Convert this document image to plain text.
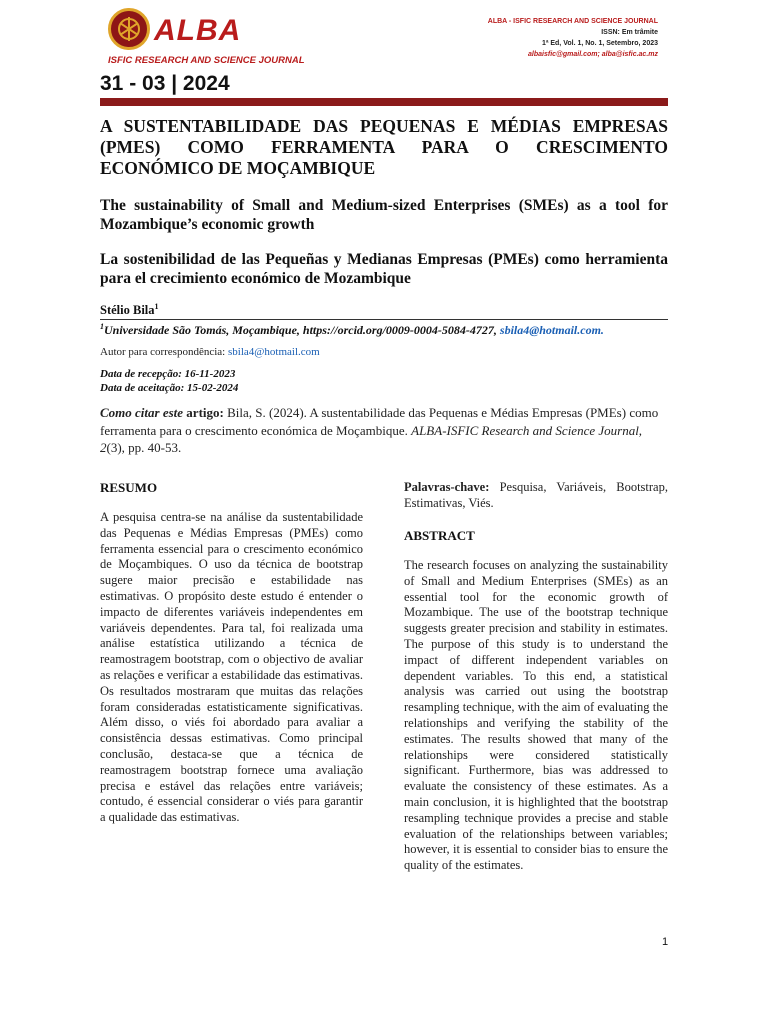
ALBA
ISFIC RESEARCH AND SCIENCE JOURNAL
ALBA - ISFIC RESEARCH AND SCIENCE JOURNAL
ISSN: Em trâmite
1ª Ed, Vol. 1, No. 1, Setembro, 2023
albaisfic@gmail.com; alba@isfic.ac.mz
31 - 03 | 2024
A SUSTENTABILIDADE DAS PEQUENAS E MÉDIAS EMPRESAS (PMES) COMO FERRAMENTA PARA O CRESCIMENTO ECONÓMICO DE MOÇAMBIQUE
The sustainability of Small and Medium-sized Enterprises (SMEs) as a tool for Mozambique’s economic growth
La sostenibilidad de las Pequeñas y Medianas Empresas (PMEs) como herramienta para el crecimiento económico de Mozambique
Stélio Bila$^1$
$^1$Universidade São Tomás, Moçambique, https://orcid.org/0009-0004-5084-4727, sbila4@hotmail.com.
Autor para correspondência: sbila4@hotmail.com
Data de recepção: 16-11-2023
Data de aceitação: 15-02-2024
Como citar este artigo: Bila, S. (2024). A sustentabilidade das Pequenas e Médias Empresas (PMEs) como ferramenta para o crescimento económica de Moçambique. ALBA-ISFIC Research and Science Journal, 2(3), pp. 40-53.
RESUMO
A pesquisa centra-se na análise da sustentabilidade das Pequenas e Médias Empresas (PMEs) como ferramenta essencial para o crescimento económico de Moçambiques. O uso da técnica de bootstrap sugere maior precisão e estabilidade nas estimativas. O propósito deste estudo é entender o impacto de diferentes variáveis independentes em variáveis dependentes. Para tal, foi realizada uma análise estatística utilizando a técnica de reamostragem bootstrap, com o objectivo de avaliar as relações e verificar a estabilidade das estimativas. Os resultados mostraram que muitas das relações foram consideradas estatisticamente significativas. Além disso, o viés foi abordado para avaliar a consistência dessas estimativas. Como principal conclusão, destaca-se que a técnica de reamostragem bootstrap fornece uma avaliação precisa e estável das relações entre variáveis; contudo, é essencial considerar o viés para garantir a qualidade das estimativas.
Palavras-chave: Pesquisa, Variáveis, Bootstrap, Estimativas, Viés.
ABSTRACT
The research focuses on analyzing the sustainability of Small and Medium Enterprises (SMEs) as an essential tool for the economic growth of Mozambique. The use of the bootstrap technique suggests greater precision and stability in estimates. The purpose of this study is to understand the impact of different independent variables on dependent variables. To this end, a statistical analysis was carried out using the bootstrap resampling technique, with the aim of evaluating the relationships and verifying the stability of the estimates. The results showed that many of the relationships were considered statistically significant. Furthermore, bias was addressed to evaluate the consistency of these estimates. As a main conclusion, it is highlighted that the bootstrap resampling technique provides a precise and stable evaluation of the relationships between variables; however, it is essential to consider bias to ensure the quality of the estimates.
1
